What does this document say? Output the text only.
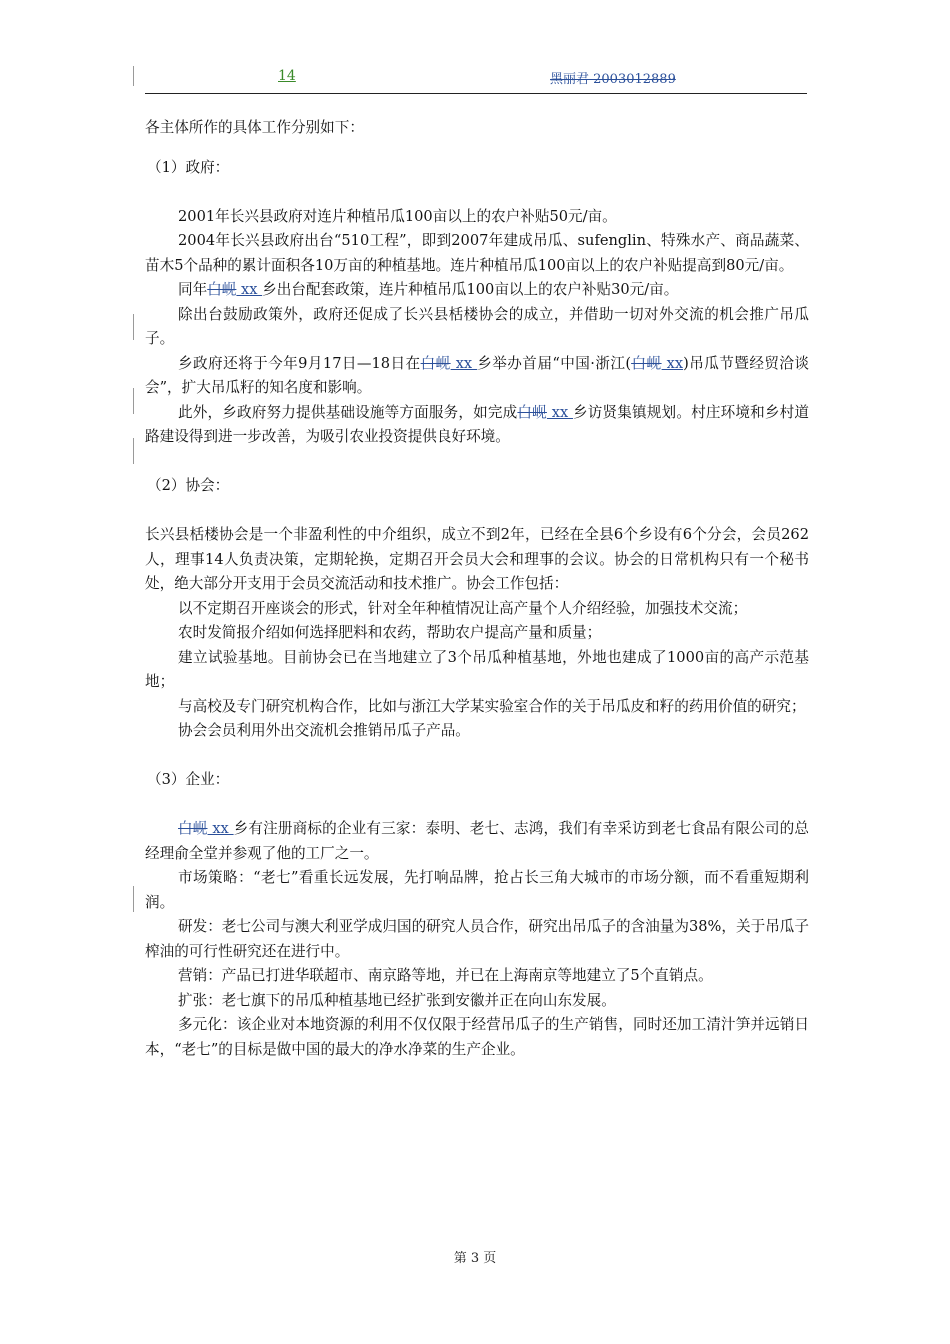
14	黑丽君 2003012889

各主体所作的具体工作分别如下：

（1）政府：

2001年长兴县政府对连片种植吊瓜100亩以上的农户补贴50元/亩。

2004年长兴县政府出台“510工程”，即到2007年建成吊瓜、sufenglin、特殊水产、商品蔬菜、苗木5个品种的累计面积各10万亩的种植基地。连片种植吊瓜100亩以上的农户补贴提高到80元/亩。

同年白岘 xx 乡出台配套政策，连片种植吊瓜100亩以上的农户补贴30元/亩。

除出台鼓励政策外，政府还促成了长兴县栝楼协会的成立，并借助一切对外交流的机会推广吊瓜子。

乡政府还将于今年9月17日—18日在白岘 xx 乡举办首届“中国·浙江(白岘 xx)吊瓜节暨经贸洽谈会”，扩大吊瓜籽的知名度和影响。

此外，乡政府努力提供基础设施等方面服务，如完成白岘 xx 乡访贤集镇规划。村庄环境和乡村道路建设得到进一步改善，为吸引农业投资提供良好环境。

（2）协会：

长兴县栝楼协会是一个非盈利性的中介组织，成立不到2年，已经在全县6个乡设有6个分会，会员262人，理事14人负责决策，定期轮换，定期召开会员大会和理事的会议。协会的日常机构只有一个秘书处，绝大部分开支用于会员交流活动和技术推广。协会工作包括：

以不定期召开座谈会的形式，针对全年种植情况让高产量个人介绍经验，加强技术交流；

农时发简报介绍如何选择肥料和农药，帮助农户提高产量和质量；

建立试验基地。目前协会已在当地建立了3个吊瓜种植基地，外地也建成了1000亩的高产示范基地；

与高校及专门研究机构合作，比如与浙江大学某实验室合作的关于吊瓜皮和籽的药用价值的研究；

协会会员利用外出交流机会推销吊瓜子产品。

（3）企业：

白岘 xx 乡有注册商标的企业有三家：泰明、老七、志鸿，我们有幸采访到老七食品有限公司的总经理俞全堂并参观了他的工厂之一。

市场策略：“老七”看重长远发展，先打响品牌，抢占长三角大城市的市场分额，而不看重短期利润。

研发：老七公司与澳大利亚学成归国的研究人员合作，研究出吊瓜子的含油量为38%，关于吊瓜子榨油的可行性研究还在进行中。

营销：产品已打进华联超市、南京路等地，并已在上海南京等地建立了5个直销点。

扩张：老七旗下的吊瓜种植基地已经扩张到安徽并正在向山东发展。

多元化：该企业对本地资源的利用不仅仅限于经营吊瓜子的生产销售，同时还加工清汁笋并远销日本，“老七”的目标是做中国的最大的净水净菜的生产企业。

第 3 页
